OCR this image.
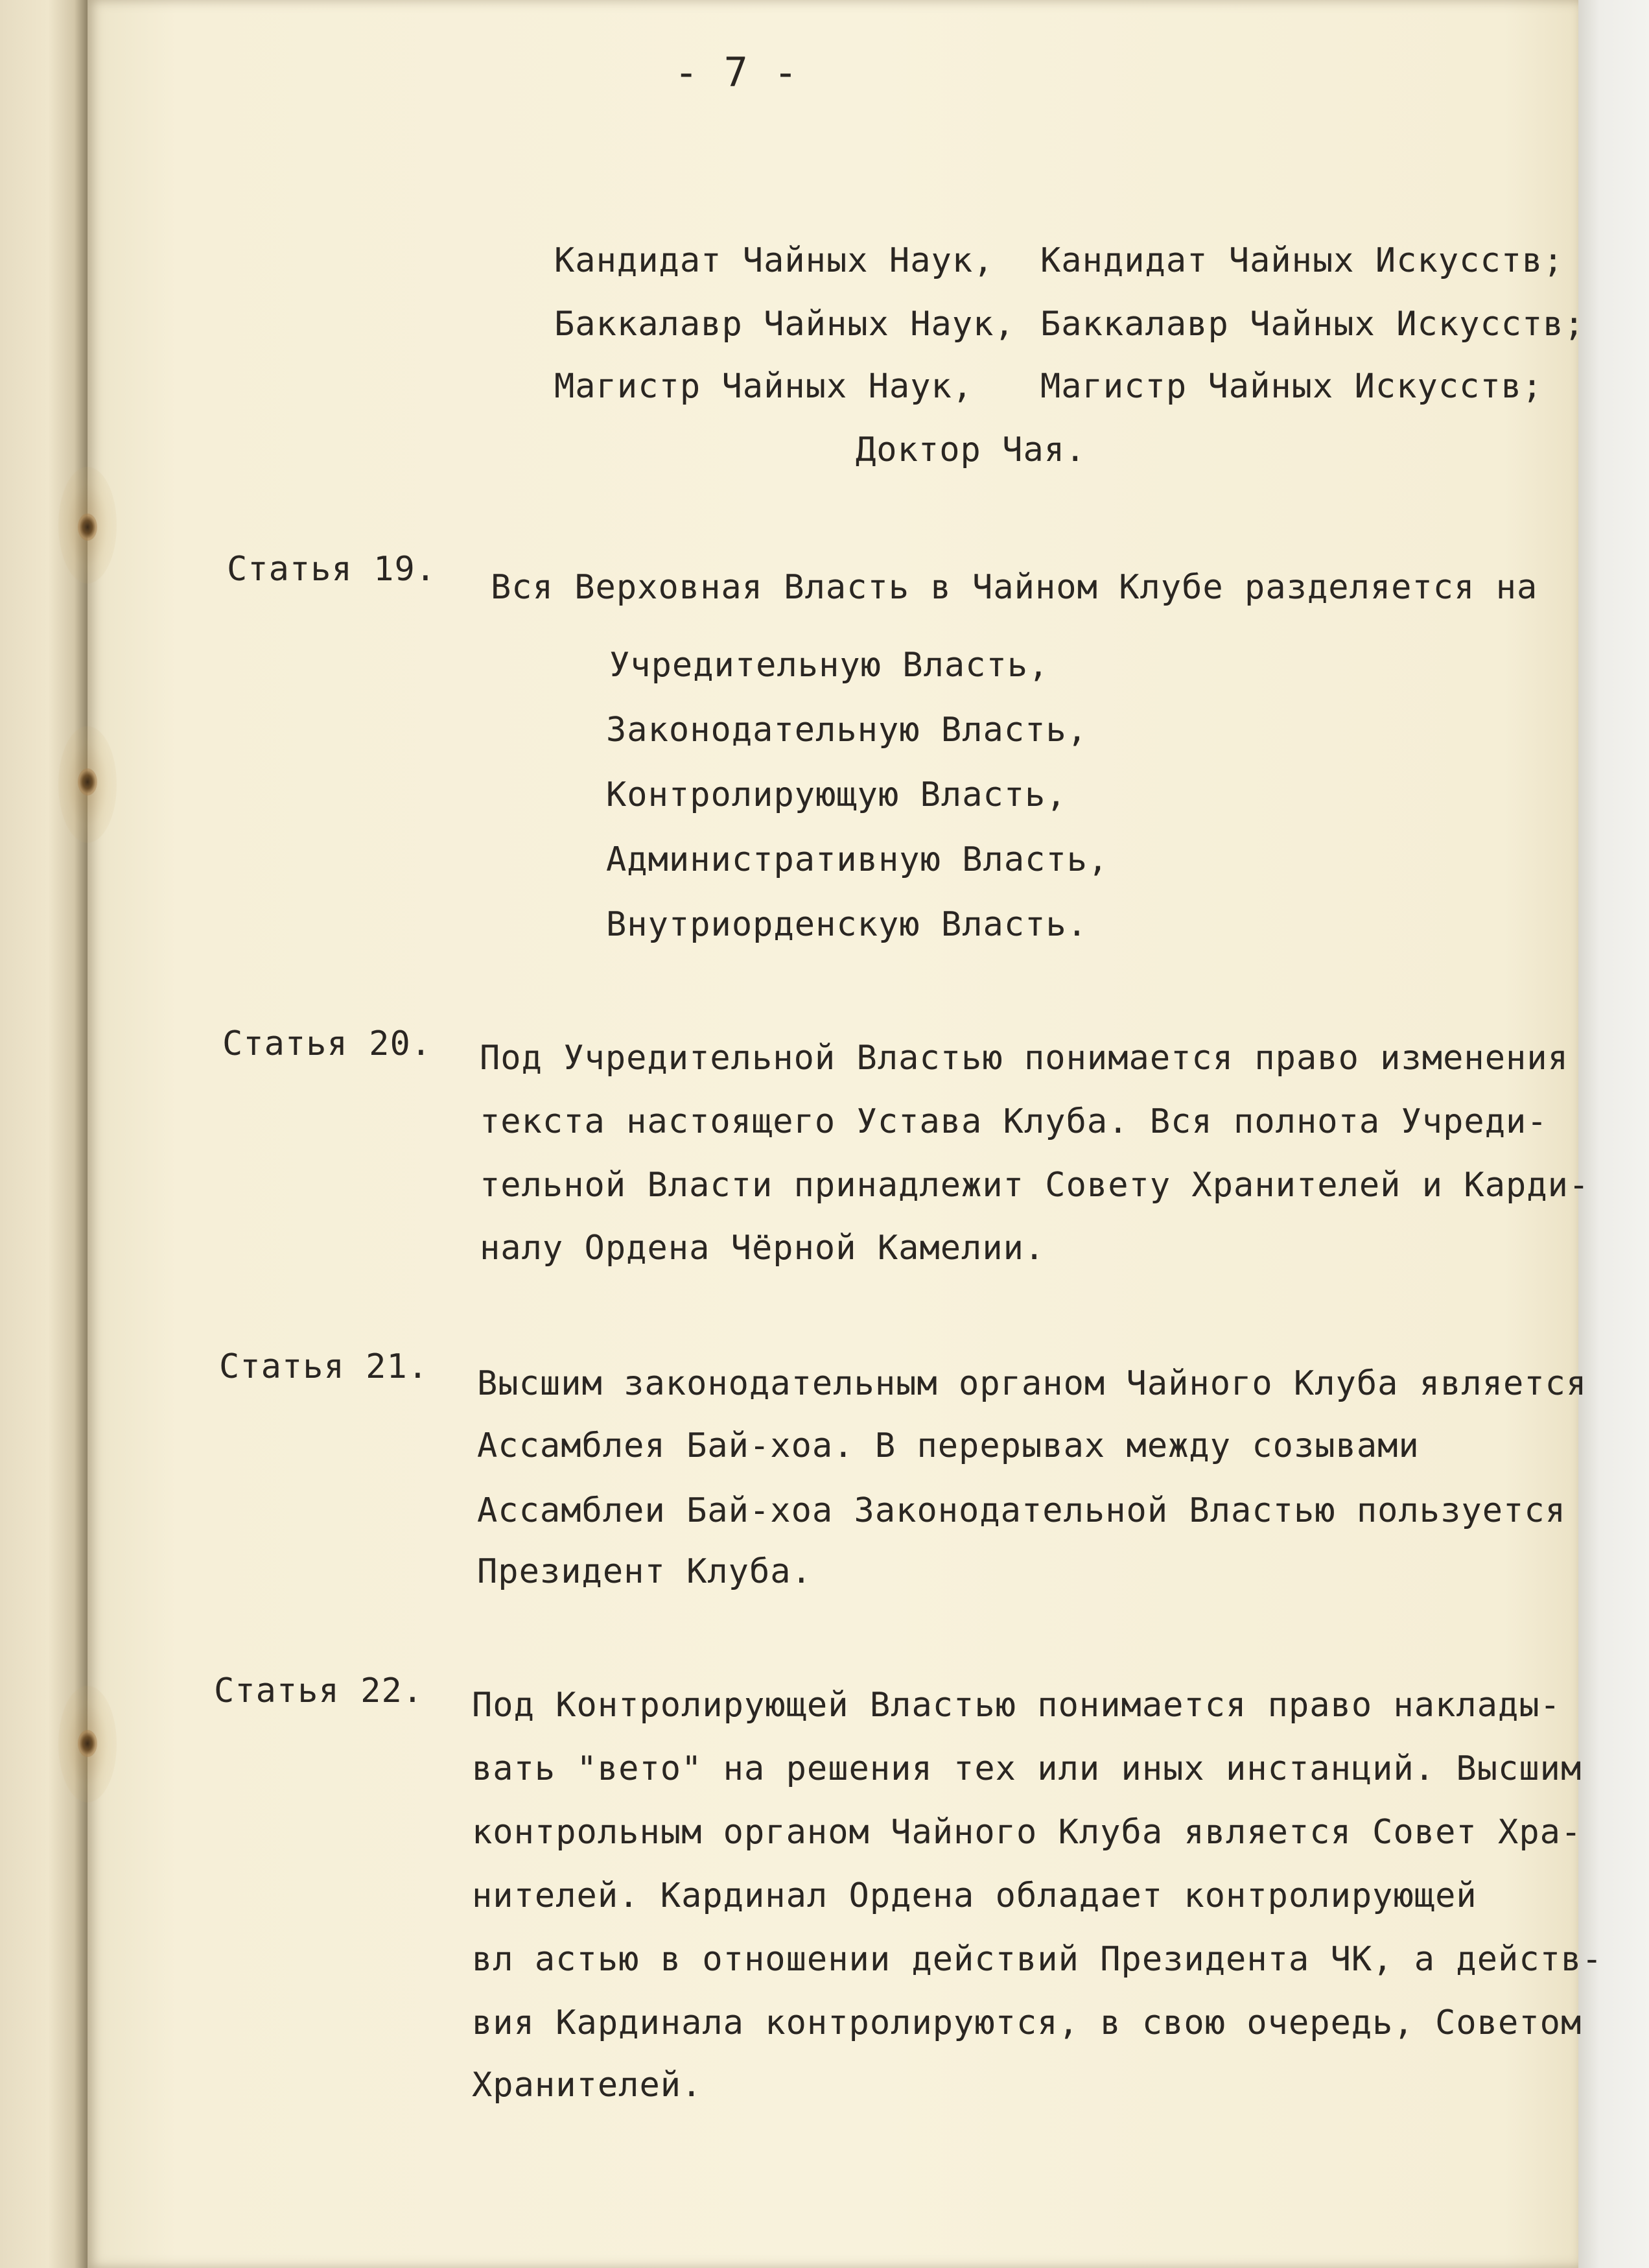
- 7 -
Кандидат Чайных Наук, Кандидат Чайных Искусств;
Баккалавр Чайных Наук, Баккалавр Чайных Искусств;
Магистр Чайных Наук, Магистр Чайных Искусств;
Доктор Чая.
Статья 19. Вся Верховная Власть в Чайном Клубе разделяется на
Учредительную Власть,
Законодательную Власть,
Контролирующую Власть,
Административную Власть,
Внутриорденскую Власть.
Статья 20. Под Учредительной Властью понимается право изменения
текста настоящего Устава Клуба. Вся полнота Учреди-
тельной Власти принадлежит Совету Хранителей и Карди-
налу Ордена Чёрной Камелии.
Статья 21. Высшим законодательным органом Чайного Клуба является
Ассамблея Бай-хоа. В перерывах между созывами
Ассамблеи Бай-хоа Законодательной Властью пользуется
Президент Клуба.
Статья 22. Под Контролирующей Властью понимается право наклады-
вать "вето" на решения тех или иных инстанций. Высшим
контрольным органом Чайного Клуба является Совет Хра-
нителей. Кардинал Ордена обладает контролирующей
вл астью в отношении действий Президента ЧК, а действ-
вия Кардинала контролируются, в свою очередь, Советом
Хранителей.
